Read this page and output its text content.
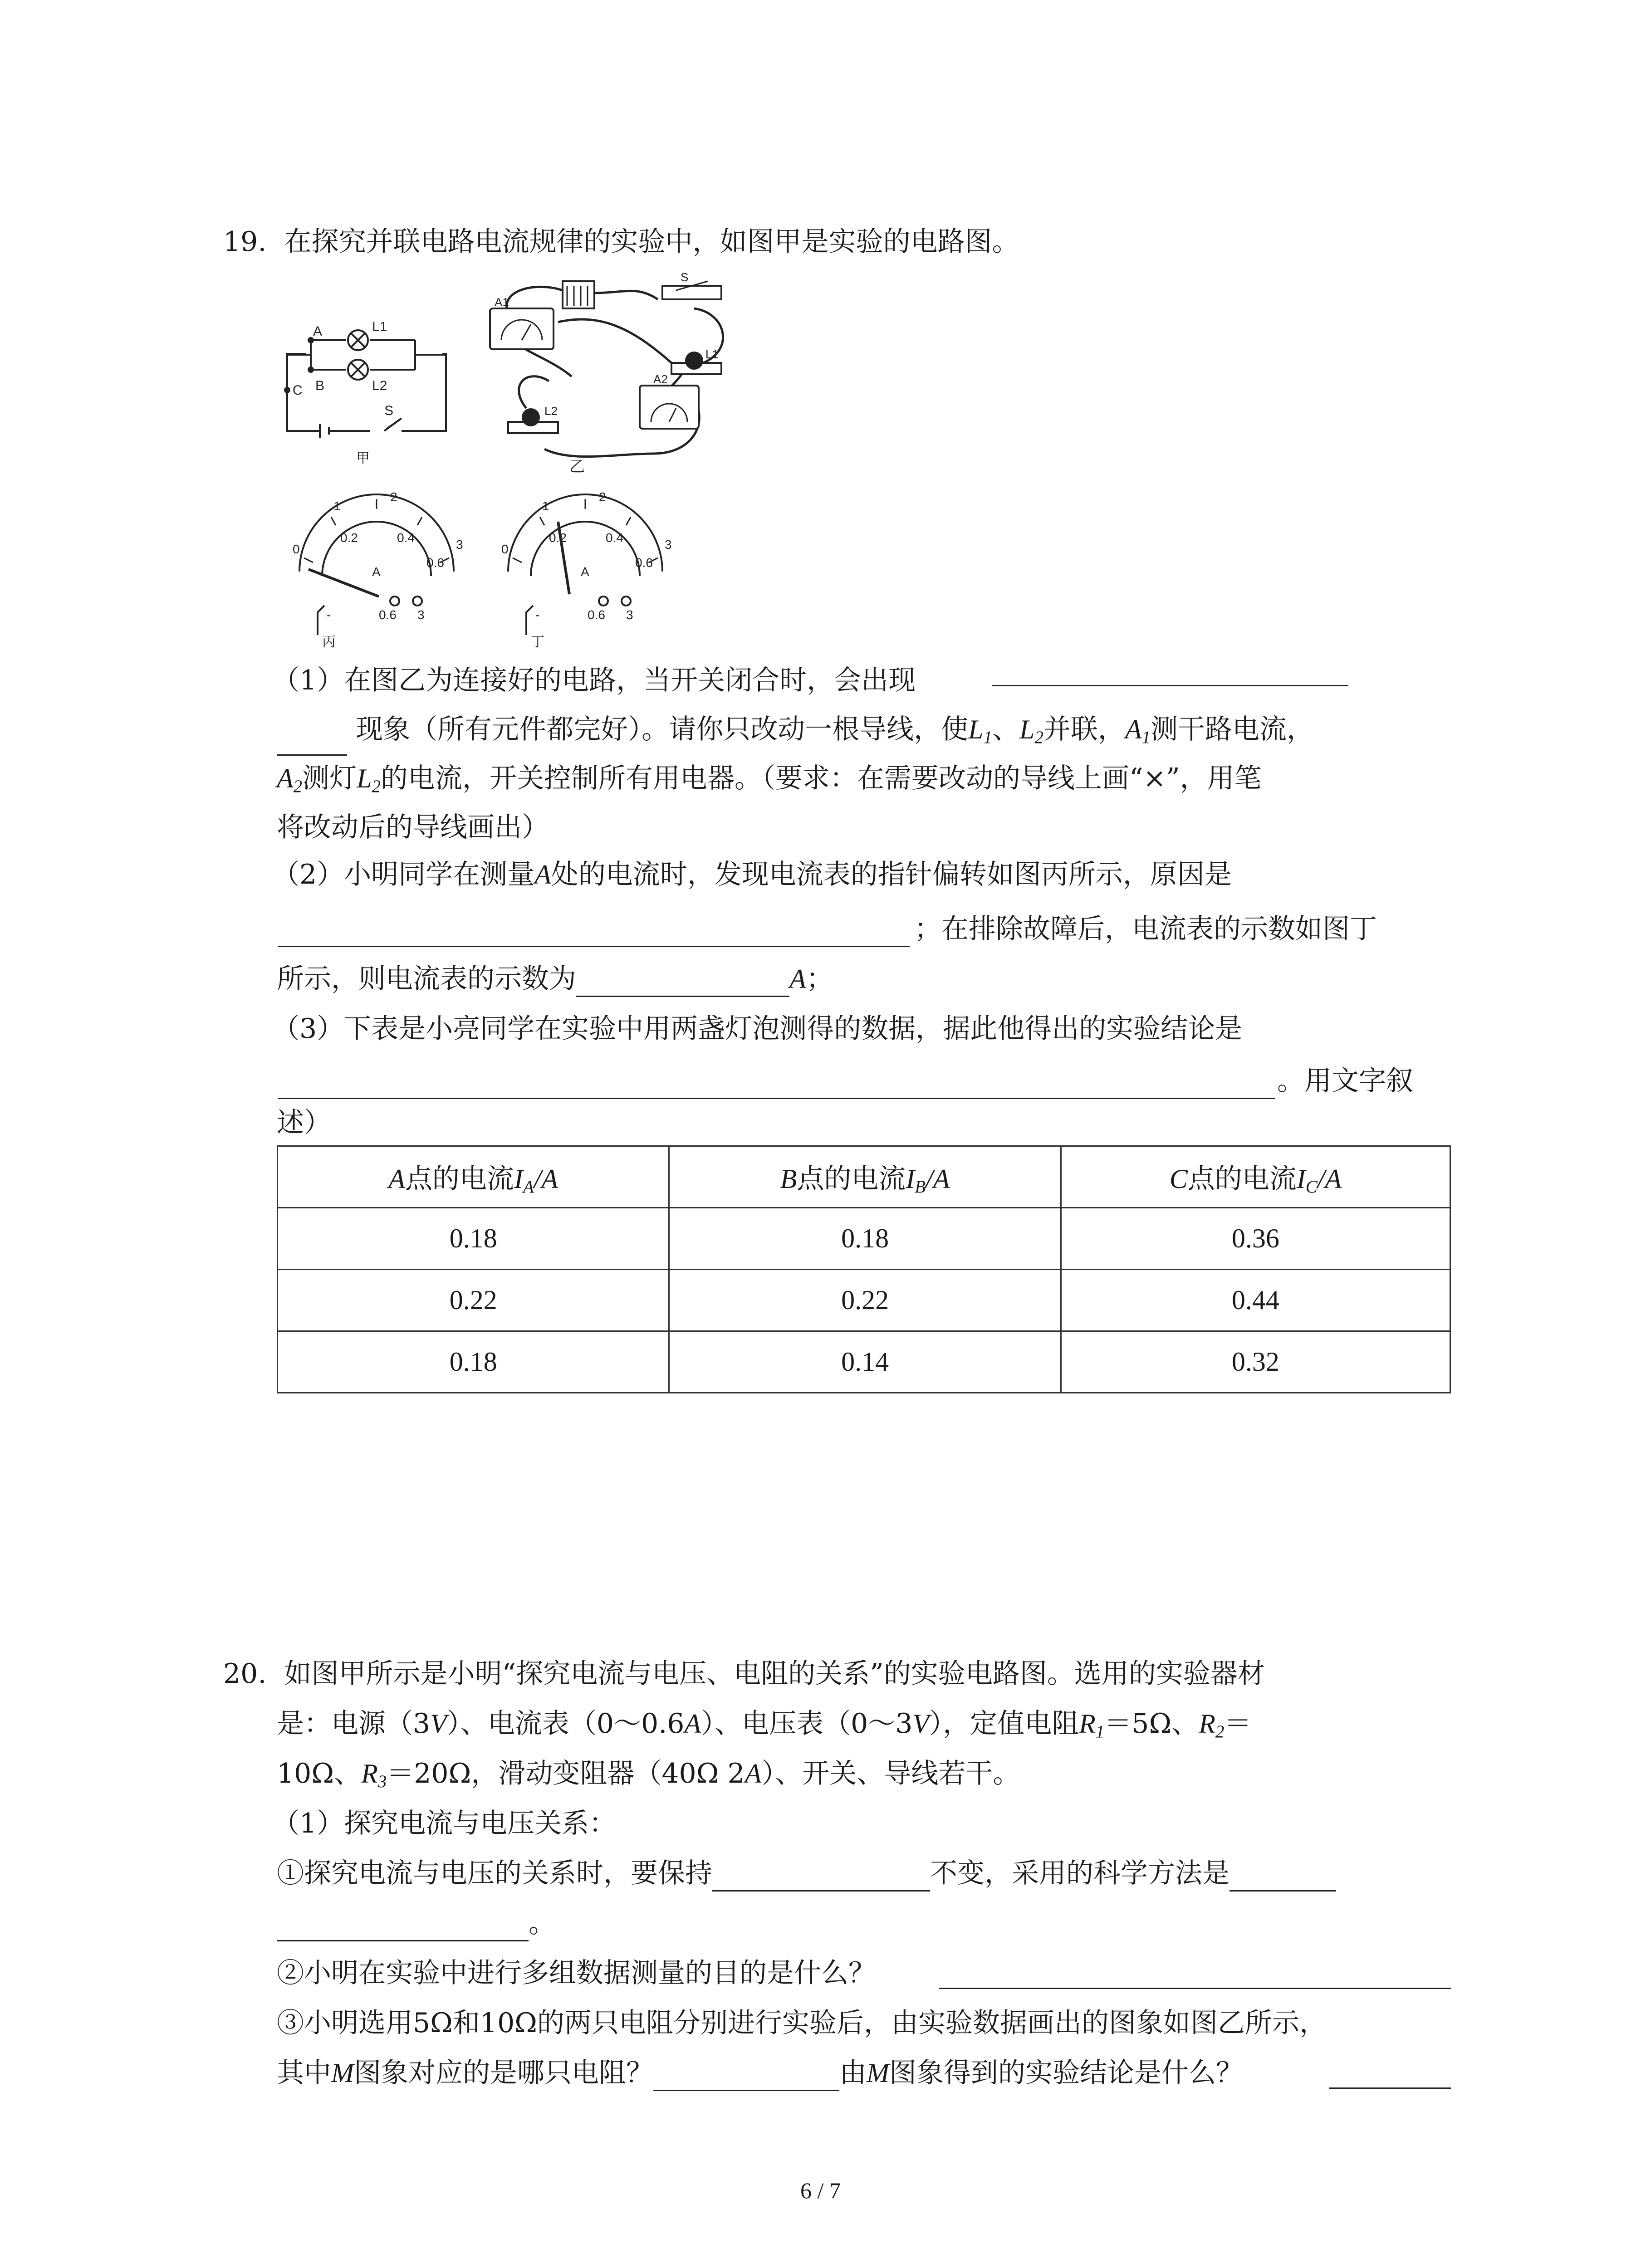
19. 在探究并联电路电流规律的实验中，如图甲是实验的电路图。
A	L1
B	L2
C
S
甲
S
A1
L1
A2
L2
乙
0
1
2
3
0.2	0.4
0.6
A
-	0.6 3
丙
0
1
2
3
0.2	0.4
0.6
A
-	0.6 3
丁
（1）在图乙为连接好的电路，当开关闭合时，会出现
现象（所有元件都完好）。请你只改动一根导线，使$L_1$、$L_2$并联，$A_1$测干路电流，
$A_2$测灯$L_2$的电流，开关控制所有用电器。（要求：在需要改动的导线上画“×”，用笔
将改动后的导线画出）
（2）小明同学在测量A处的电流时，发现电流表的指针偏转如图丙所示，原因是
；在排除故障后，电流表的示数如图丁
所示，则电流表的示数为	A；
（3）下表是小亮同学在实验中用两盏灯泡测得的数据，据此他得出的实验结论是
。用文字叙
述）
A点的电流$I_A/A$	B点的电流$I_B/A$	C点的电流$I_C/A$
0.18	0.18	0.36
0.22	0.22	0.44
0.18	0.14	0.32
20. 如图甲所示是小明“探究电流与电压、电阻的关系”的实验电路图。选用的实验器材
是：电源（3V）、电流表（0～0.6A）、电压表（0～3V），定值电阻$R_1=5\Omega$、$R_2=$
10Ω、$R_3=20\Omega$，滑动变阻器（40Ω 2A）、开关、导线若干。
（1）探究电流与电压关系：
①探究电流与电压的关系时，要保持	不变，采用的科学方法是
。
②小明在实验中进行多组数据测量的目的是什么？
③小明选用5Ω和10Ω的两只电阻分别进行实验后，由实验数据画出的图象如图乙所示，
其中M图象对应的是哪只电阻？	由M图象得到的实验结论是什么？
6 / 7
